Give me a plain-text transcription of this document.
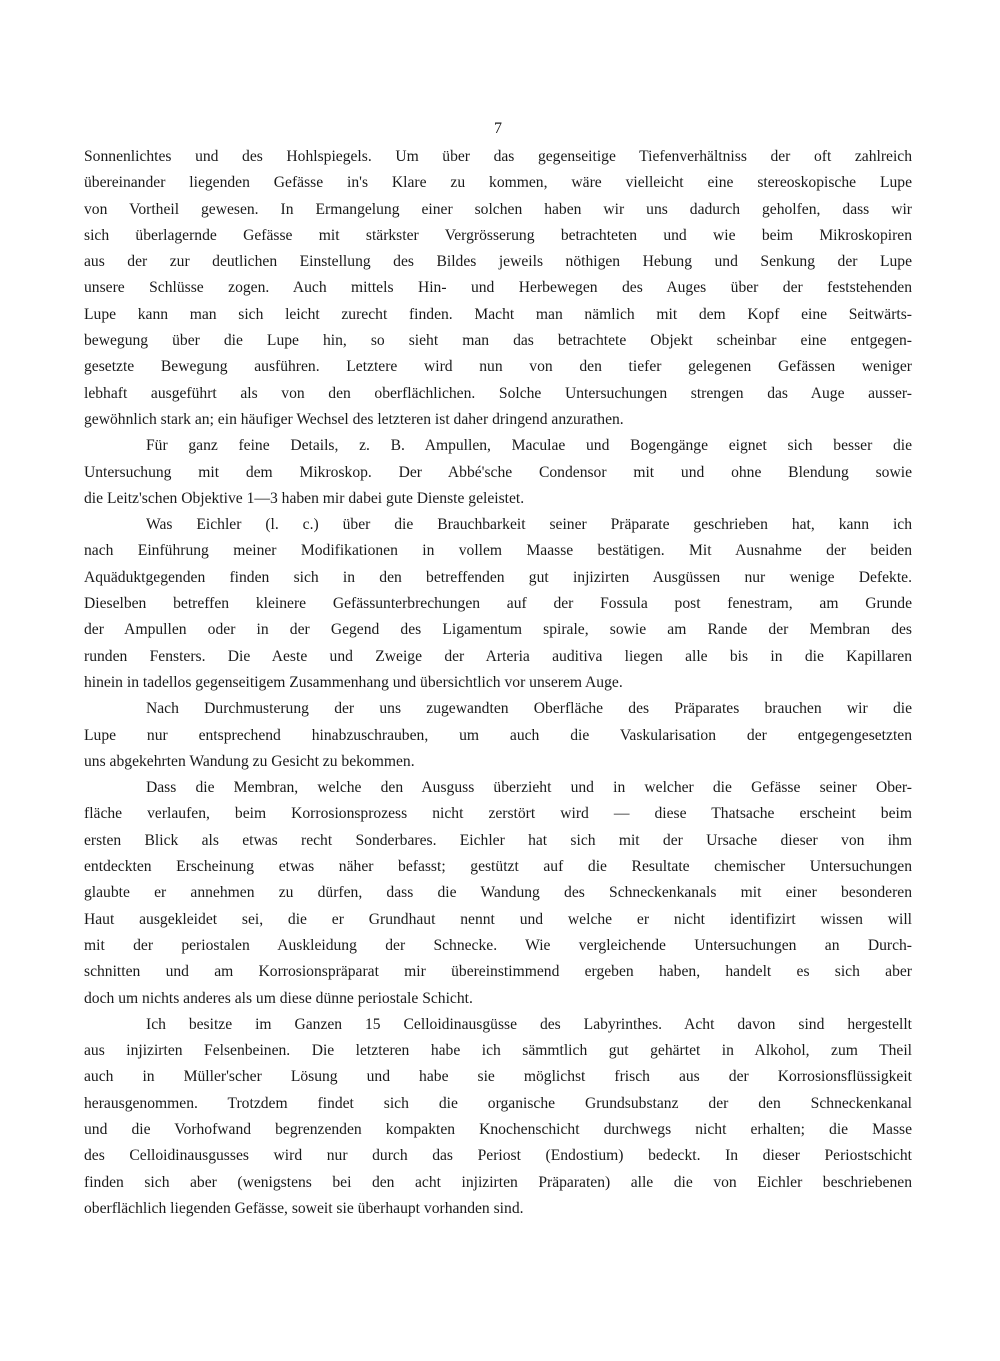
7

Sonnenlichtes und des Hohlspiegels. Um über das gegenseitige Tiefenverhältniss der oft zahlreich

übereinander liegenden Gefässe in's Klare zu kommen, wäre vielleicht eine stereoskopische Lupe

von Vortheil gewesen. In Ermangelung einer solchen haben wir uns dadurch geholfen, dass wir

sich überlagernde Gefässe mit stärkster Vergrösserung betrachteten und wie beim Mikroskopiren

aus der zur deutlichen Einstellung des Bildes jeweils nöthigen Hebung und Senkung der Lupe

unsere Schlüsse zogen. Auch mittels Hin- und Herbewegen des Auges über der feststehenden

Lupe kann man sich leicht zurecht finden. Macht man nämlich mit dem Kopf eine Seitwärts-

bewegung über die Lupe hin, so sieht man das betrachtete Objekt scheinbar eine entgegen-

gesetzte Bewegung ausführen. Letztere wird nun von den tiefer gelegenen Gefässen weniger

lebhaft ausgeführt als von den oberflächlichen. Solche Untersuchungen strengen das Auge ausser-

gewöhnlich stark an; ein häufiger Wechsel des letzteren ist daher dringend anzurathen.

Für ganz feine Details, z. B. Ampullen, Maculae und Bogengänge eignet sich besser die

Untersuchung mit dem Mikroskop. Der Abbé'sche Condensor mit und ohne Blendung sowie

die Leitz'schen Objektive 1—3 haben mir dabei gute Dienste geleistet.

Was Eichler (l. c.) über die Brauchbarkeit seiner Präparate geschrieben hat, kann ich

nach Einführung meiner Modifikationen in vollem Maasse bestätigen. Mit Ausnahme der beiden

Aquäduktgegenden finden sich in den betreffenden gut injizirten Ausgüssen nur wenige Defekte.

Dieselben betreffen kleinere Gefässunterbrechungen auf der Fossula post fenestram, am Grunde

der Ampullen oder in der Gegend des Ligamentum spirale, sowie am Rande der Membran des

runden Fensters. Die Aeste und Zweige der Arteria auditiva liegen alle bis in die Kapillaren

hinein in tadellos gegenseitigem Zusammenhang und übersichtlich vor unserem Auge.

Nach Durchmusterung der uns zugewandten Oberfläche des Präparates brauchen wir die

Lupe nur entsprechend hinabzuschrauben, um auch die Vaskularisation der entgegengesetzten

uns abgekehrten Wandung zu Gesicht zu bekommen.

Dass die Membran, welche den Ausguss überzieht und in welcher die Gefässe seiner Ober-

fläche verlaufen, beim Korrosionsprozess nicht zerstört wird — diese Thatsache erscheint beim

ersten Blick als etwas recht Sonderbares. Eichler hat sich mit der Ursache dieser von ihm

entdeckten Erscheinung etwas näher befasst; gestützt auf die Resultate chemischer Untersuchungen

glaubte er annehmen zu dürfen, dass die Wandung des Schneckenkanals mit einer besonderen

Haut ausgekleidet sei, die er Grundhaut nennt und welche er nicht identifizirt wissen will

mit der periostalen Auskleidung der Schnecke. Wie vergleichende Untersuchungen an Durch-

schnitten und am Korrosionspräparat mir übereinstimmend ergeben haben, handelt es sich aber

doch um nichts anderes als um diese dünne periostale Schicht.

Ich besitze im Ganzen 15 Celloidinausgüsse des Labyrinthes. Acht davon sind hergestellt

aus injizirten Felsenbeinen. Die letzteren habe ich sämmtlich gut gehärtet in Alkohol, zum Theil

auch in Müller'scher Lösung und habe sie möglichst frisch aus der Korrosionsflüssigkeit

herausgenommen. Trotzdem findet sich die organische Grundsubstanz der den Schneckenkanal

und die Vorhofwand begrenzenden kompakten Knochenschicht durchwegs nicht erhalten; die Masse

des Celloidinausgusses wird nur durch das Periost (Endostium) bedeckt. In dieser Periostschicht

finden sich aber (wenigstens bei den acht injizirten Präparaten) alle die von Eichler beschriebenen

oberflächlich liegenden Gefässe, soweit sie überhaupt vorhanden sind.
